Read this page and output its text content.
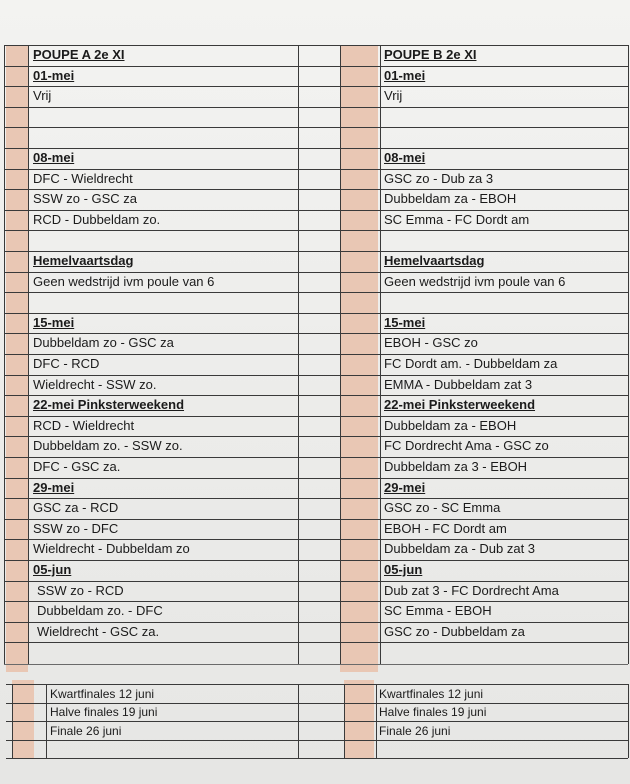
POUPE A 2e XI	POUPE B 2e XI
01-mei
Vrij
08-mei
DFC - Wieldrecht
SSW zo - GSC za
RCD - Dubbeldam zo.
Hemelvaartsdag
Geen wedstrijd ivm poule van 6
15-mei
Dubbeldam zo - GSC za
DFC - RCD
Wieldrecht - SSW zo.
22-mei Pinksterweekend
RCD - Wieldrecht
Dubbeldam zo. - SSW zo.
DFC - GSC za.
29-mei
GSC za - RCD
SSW zo - DFC
Wieldrecht - Dubbeldam zo
05-jun
SSW zo - RCD
Dubbeldam zo. - DFC
Wieldrecht - GSC za.
Kwartfinales 12 juni
Halve finales 19 juni
Finale 26 juni
01-mei
Vrij
08-mei
GSC zo - Dub za 3
Dubbeldam za - EBOH
SC Emma - FC Dordt am
Hemelvaartsdag
Geen wedstrijd ivm poule van 6
15-mei
EBOH - GSC zo
FC Dordt am. - Dubbeldam za
EMMA - Dubbeldam zat 3
22-mei Pinksterweekend
Dubbeldam za - EBOH
FC Dordrecht Ama - GSC zo
Dubbeldam za 3 - EBOH
29-mei
GSC zo - SC Emma
EBOH - FC Dordt am
Dubbeldam za - Dub zat 3
05-jun
Dub zat 3 - FC Dordrecht Ama
SC Emma - EBOH
GSC zo - Dubbeldam za
Kwartfinales 12 juni
Halve finales 19 juni
Finale 26 juni
